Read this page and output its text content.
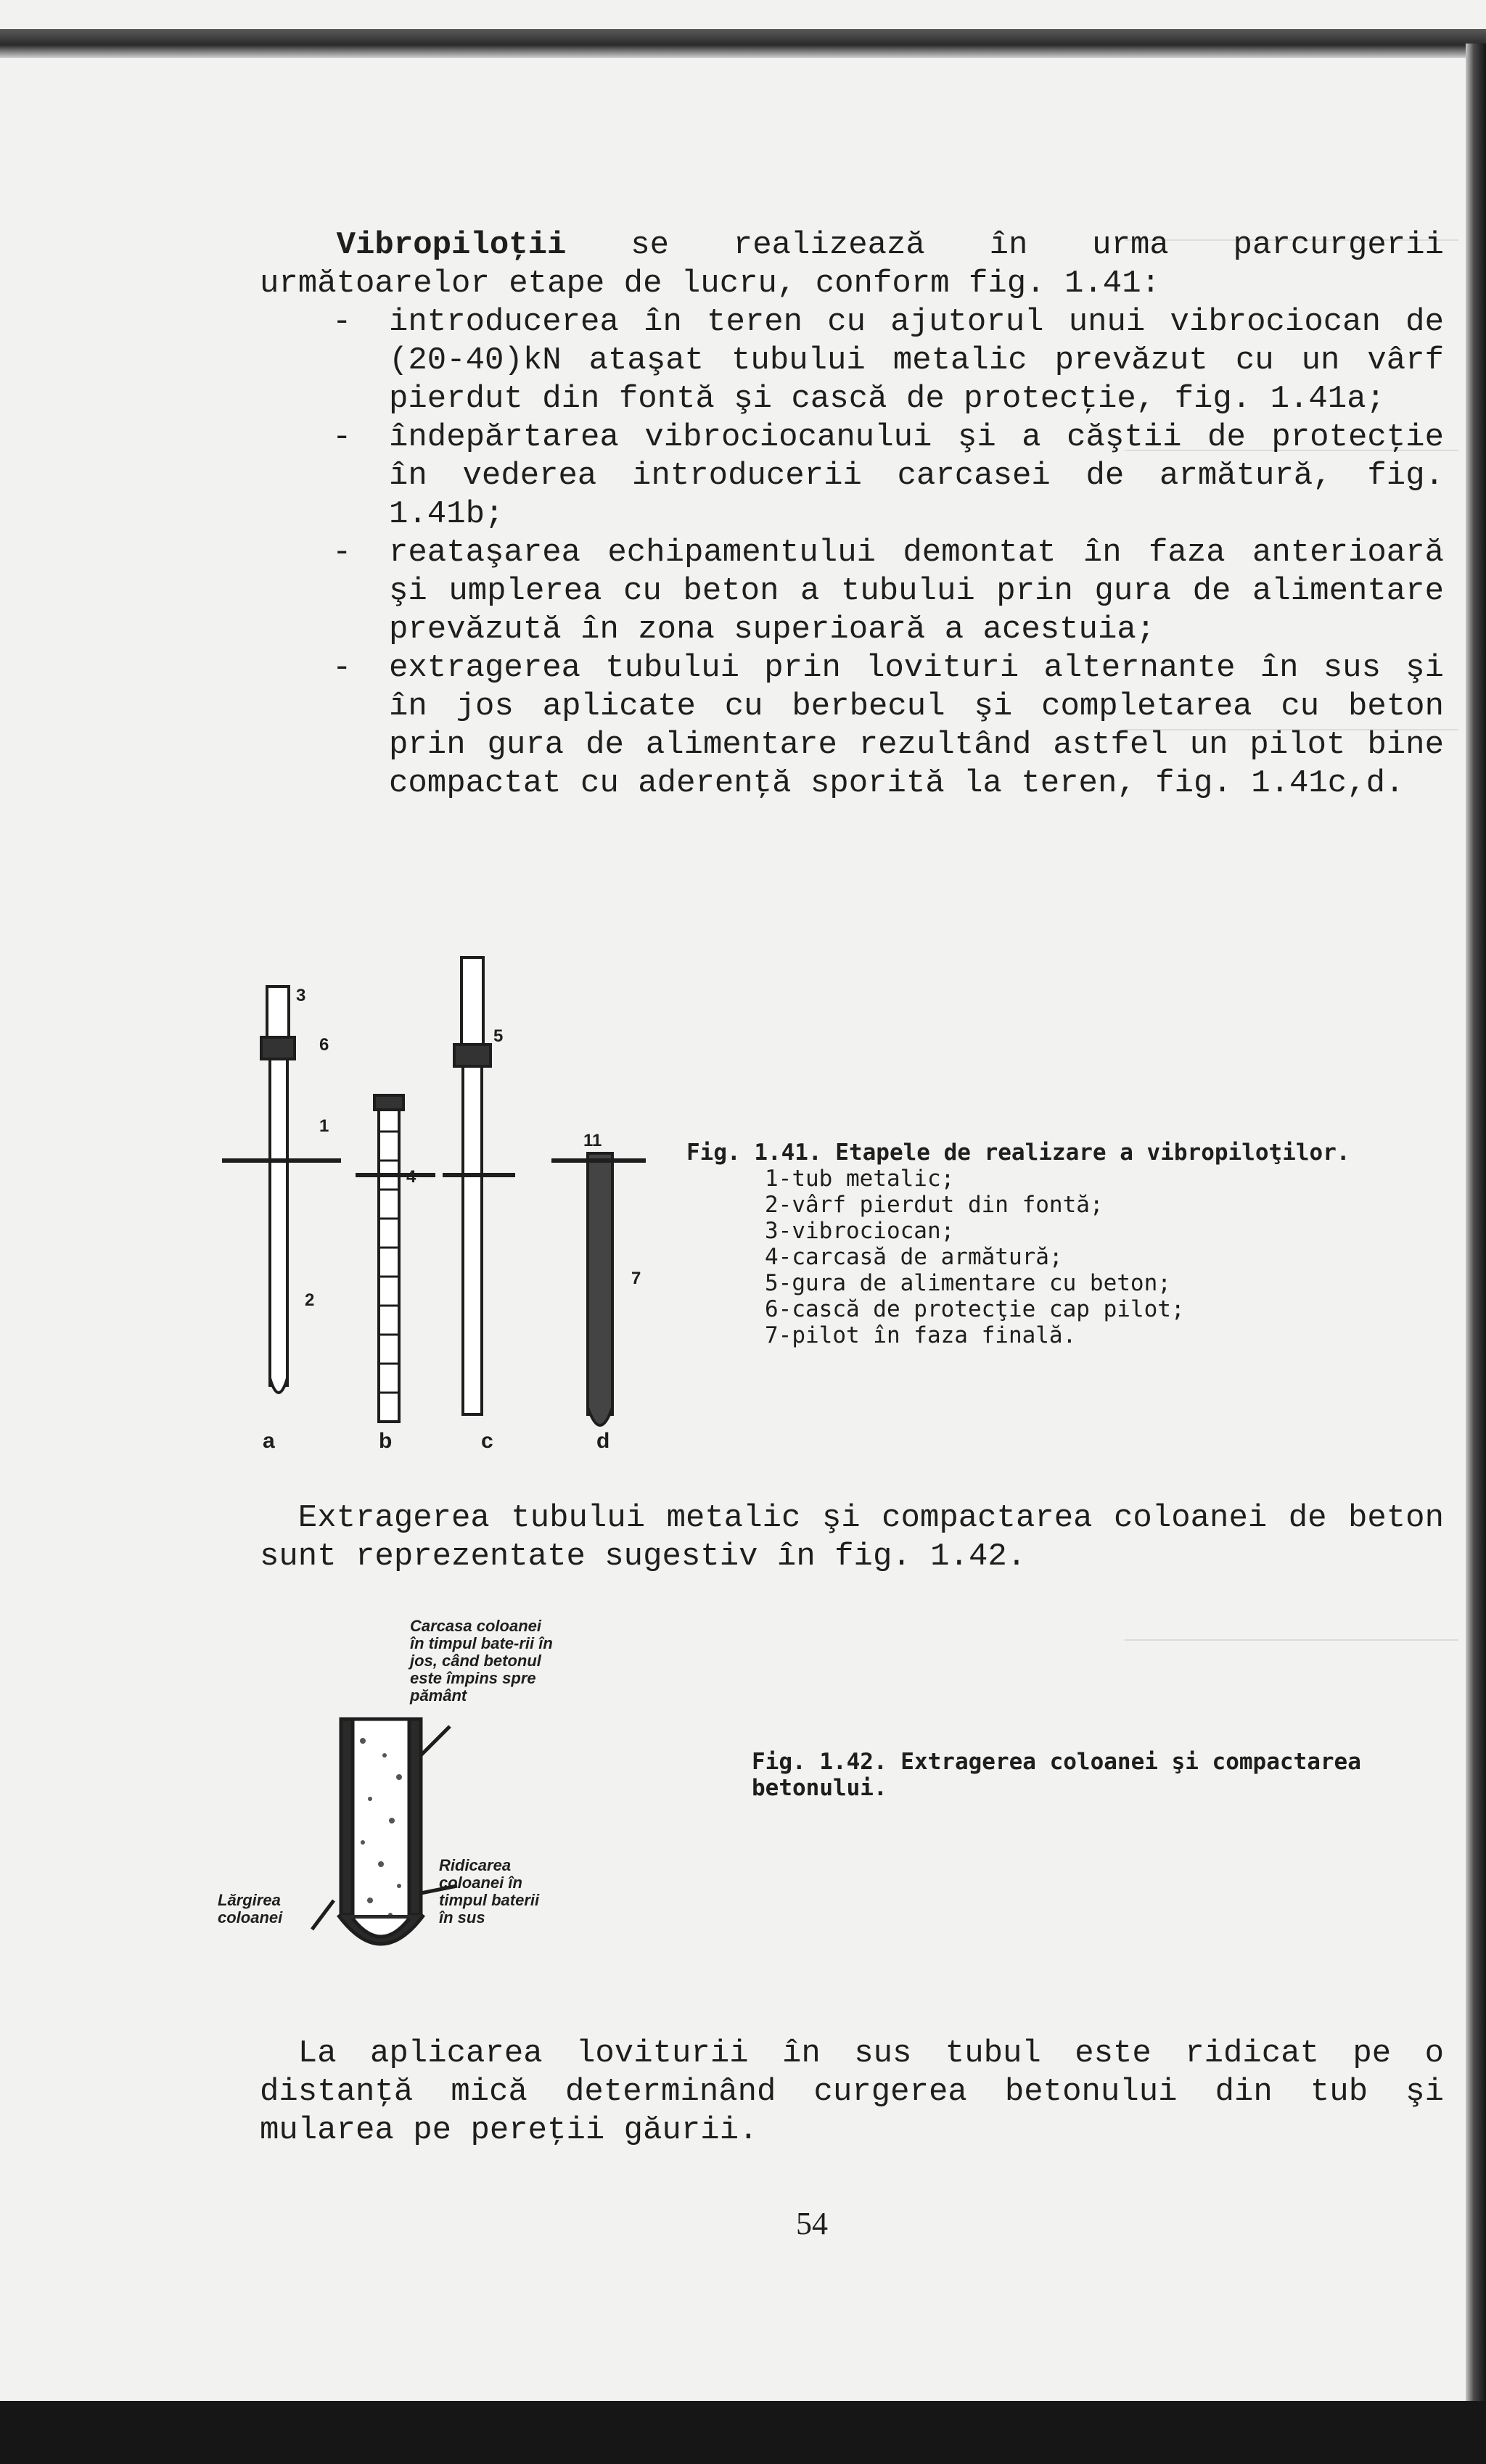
Vibropiloţii se realizează în urma parcurgerii următoarelor etape de lucru, conform fig. 1.41:

- introducerea în teren cu ajutorul unui vibrociocan de (20-40)kN ataşat tubului metalic prevăzut cu un vârf pierdut din fontă şi cască de protecţie, fig. 1.41a;
- îndepărtarea vibrociocanului şi a căştii de protecţie în vederea introducerii carcasei de armătură, fig. 1.41b;
- reataşarea echipamentului demontat în faza anterioară şi umplerea cu beton a tubului prin gura de alimentare prevăzută în zona superioară a acestuia;
- extragerea tubului prin lovituri alternante în sus şi în jos aplicate cu berbecul şi completarea cu beton prin gura de alimentare rezultând astfel un pilot bine compactat cu aderenţă sporită la teren, fig. 1.41c,d.
3
6
1
2
4
5
11
7
a	b	c	d
Fig. 1.41. Etapele de realizare a vibropiloţilor.
1-tub metalic;
2-vârf pierdut din fontă;
3-vibrociocan;
4-carcasă de armătură;
5-gura de alimentare cu beton;
6-cască de protecţie cap pilot;
7-pilot în faza finală.

Extragerea tubului metalic şi compactarea coloanei de beton sunt reprezentate sugestiv în fig. 1.42.

Carcasa coloanei în timpul bate-rii în jos, când betonul este împins spre pământ
Ridicarea coloanei în timpul baterii în sus
Lărgirea coloanei
Fig. 1.42. Extragerea coloanei şi compactarea betonului.

La aplicarea loviturii în sus tubul este ridicat pe o distanţă mică determinând curgerea betonului din tub şi mularea pe pereţii găurii.

54
